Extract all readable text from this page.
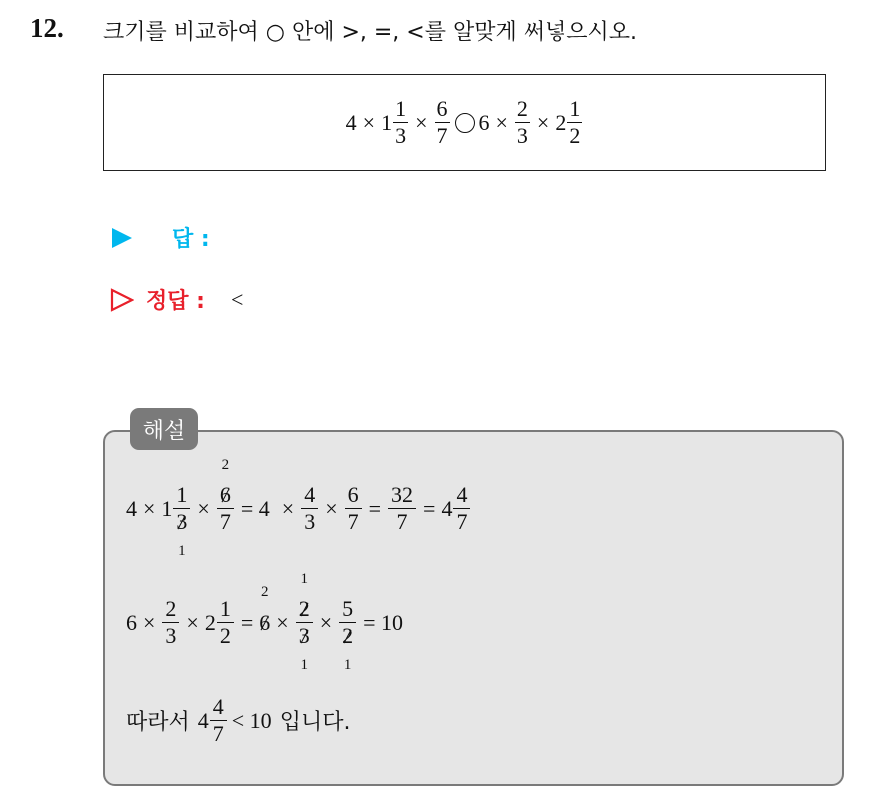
12. 크기를 비교하여 ○ 안에 >, =, <를 알맞게 써넣으시오.
$4 \times 1 \frac{1}{3} \times \frac{6}{7} 6 \times \frac{2}{3} \times 2 \frac{1}{2}$
답 :
정답 : <
해설
4 × 1 1
3
1 × 6
2
$7 = 4 \times \frac{4}{3} \times \frac{6}{7} = \frac{32}{7} = 4$
4
7
$6 \times \frac{2}{3} \times 2 \frac{1}{2} = 6$
2
× 2
1
3
1 × 5
2
1 = 10
따라서 4
4
7
< 10 입니다.
